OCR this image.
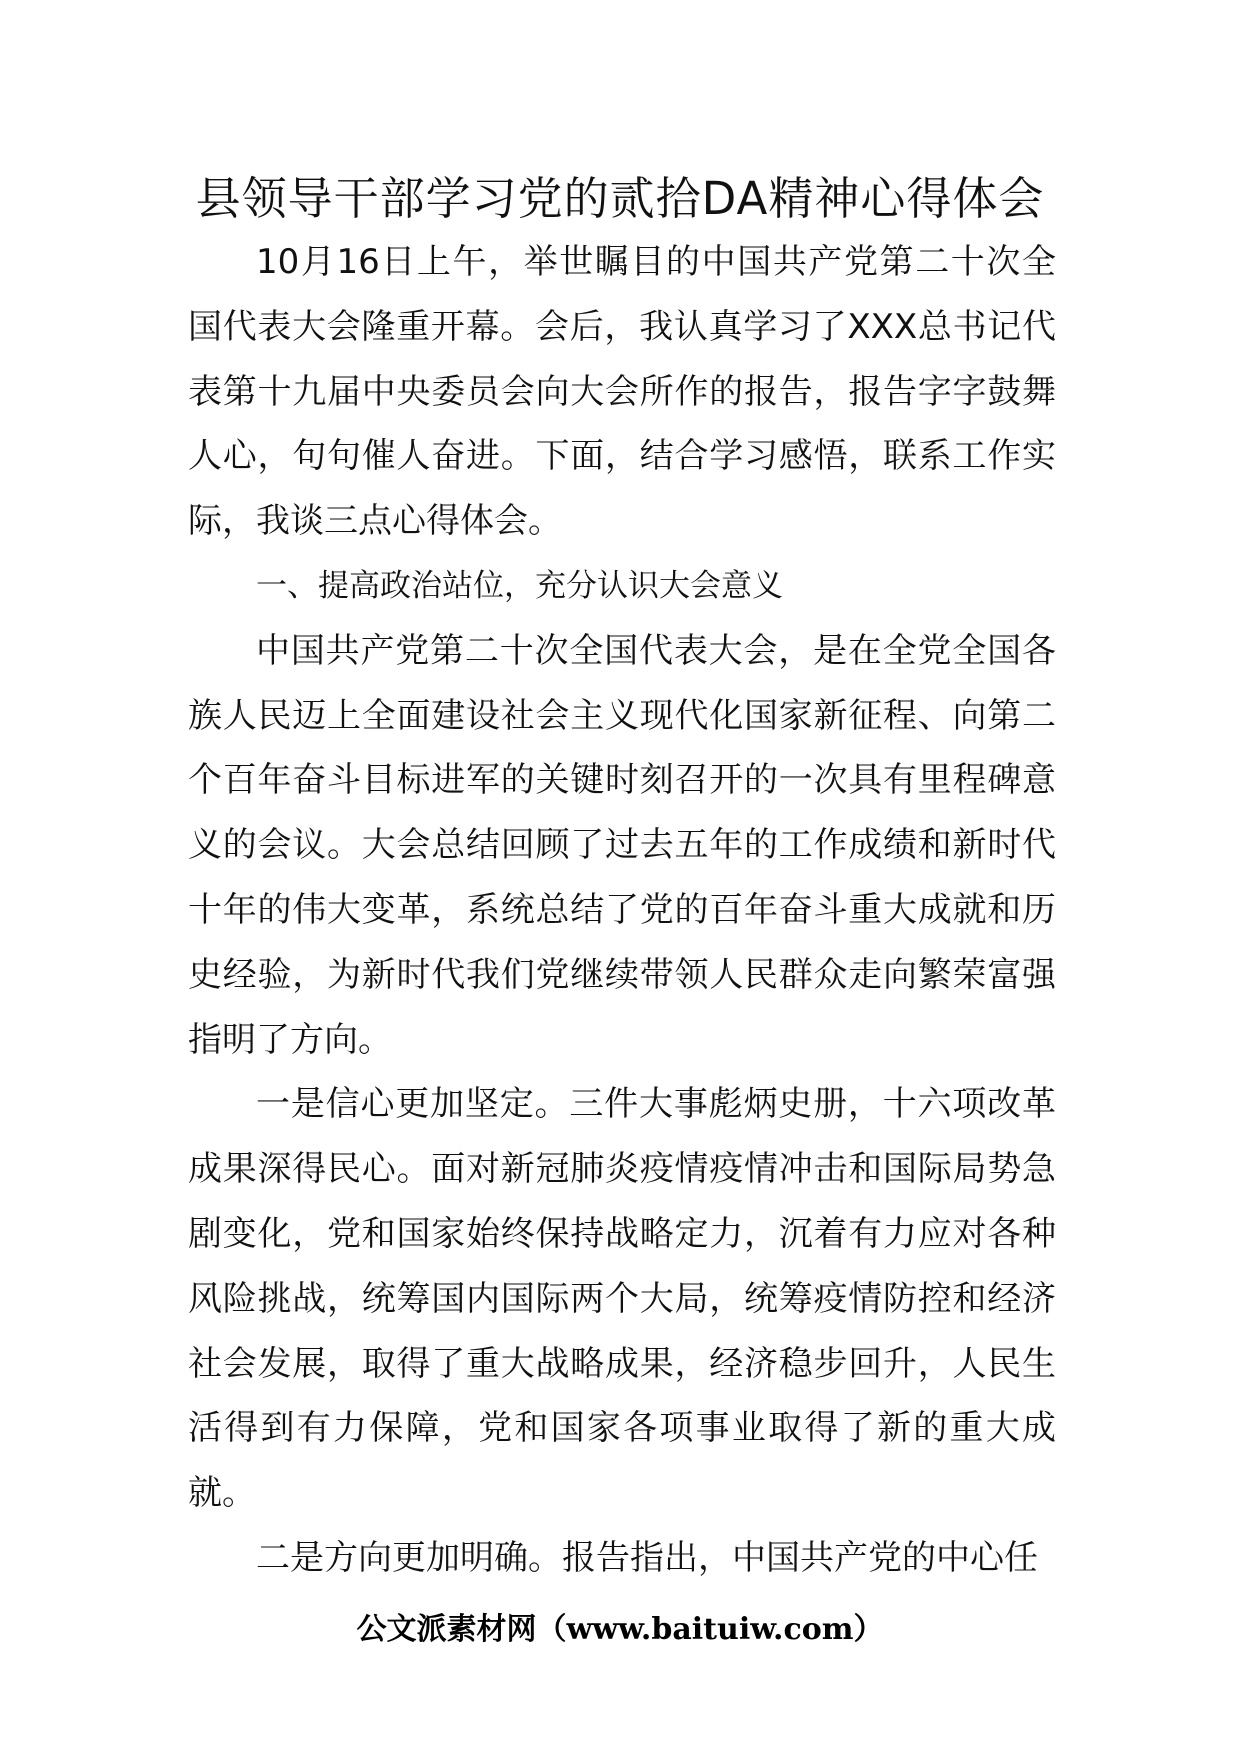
县领导干部学习党的贰拾DA精神心得体会

10月16日上午，举世瞩目的中国共产党第二十次全国代表大会隆重开幕。会后，我认真学习了XXX总书记代表第十九届中央委员会向大会所作的报告，报告字字鼓舞人心，句句催人奋进。下面，结合学习感悟，联系工作实际，我谈三点心得体会。

一、提高政治站位，充分认识大会意义

中国共产党第二十次全国代表大会，是在全党全国各族人民迈上全面建设社会主义现代化国家新征程、向第二个百年奋斗目标进军的关键时刻召开的一次具有里程碑意义的会议。大会总结回顾了过去五年的工作成绩和新时代十年的伟大变革，系统总结了党的百年奋斗重大成就和历史经验，为新时代我们党继续带领人民群众走向繁荣富强指明了方向。

一是信心更加坚定。三件大事彪炳史册，十六项改革成果深得民心。面对新冠肺炎疫情疫情冲击和国际局势急剧变化，党和国家始终保持战略定力，沉着有力应对各种风险挑战，统筹国内国际两个大局，统筹疫情防控和经济社会发展，取得了重大战略成果，经济稳步回升，人民生活得到有力保障，党和国家各项事业取得了新的重大成就。

二是方向更加明确。报告指出，中国共产党的中心任

公文派素材网（www.baituiw.com）
